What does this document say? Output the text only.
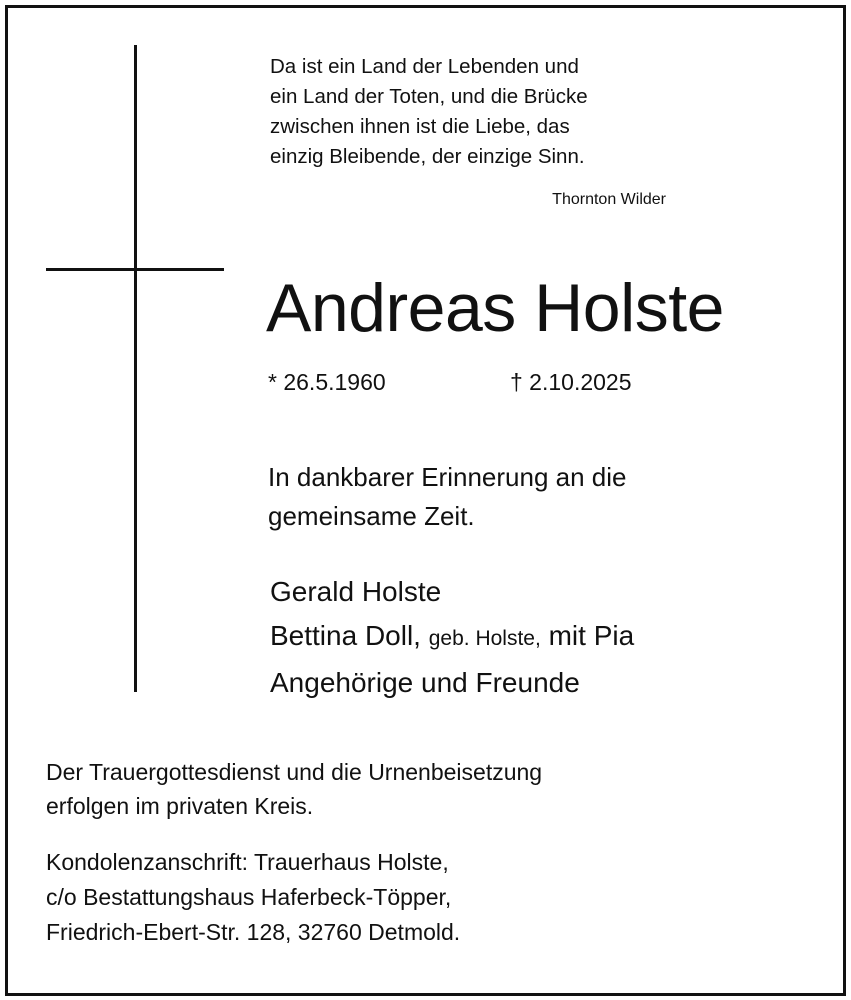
Da ist ein Land der Lebenden und
ein Land der Toten, und die Brücke
zwischen ihnen ist die Liebe, das
einzig Bleibende, der einzige Sinn.
Thornton Wilder
Andreas Holste
* 26.5.1960	† 2.10.2025
In dankbarer Erinnerung an die
gemeinsame Zeit.
Gerald Holste
Bettina Doll, geb. Holste, mit Pia
Angehörige und Freunde
Der Trauergottesdienst und die Urnenbeisetzung
erfolgen im privaten Kreis.
Kondolenzanschrift: Trauerhaus Holste,
c/o Bestattungshaus Haferbeck-Töpper,
Friedrich-Ebert-Str. 128, 32760 Detmold.
